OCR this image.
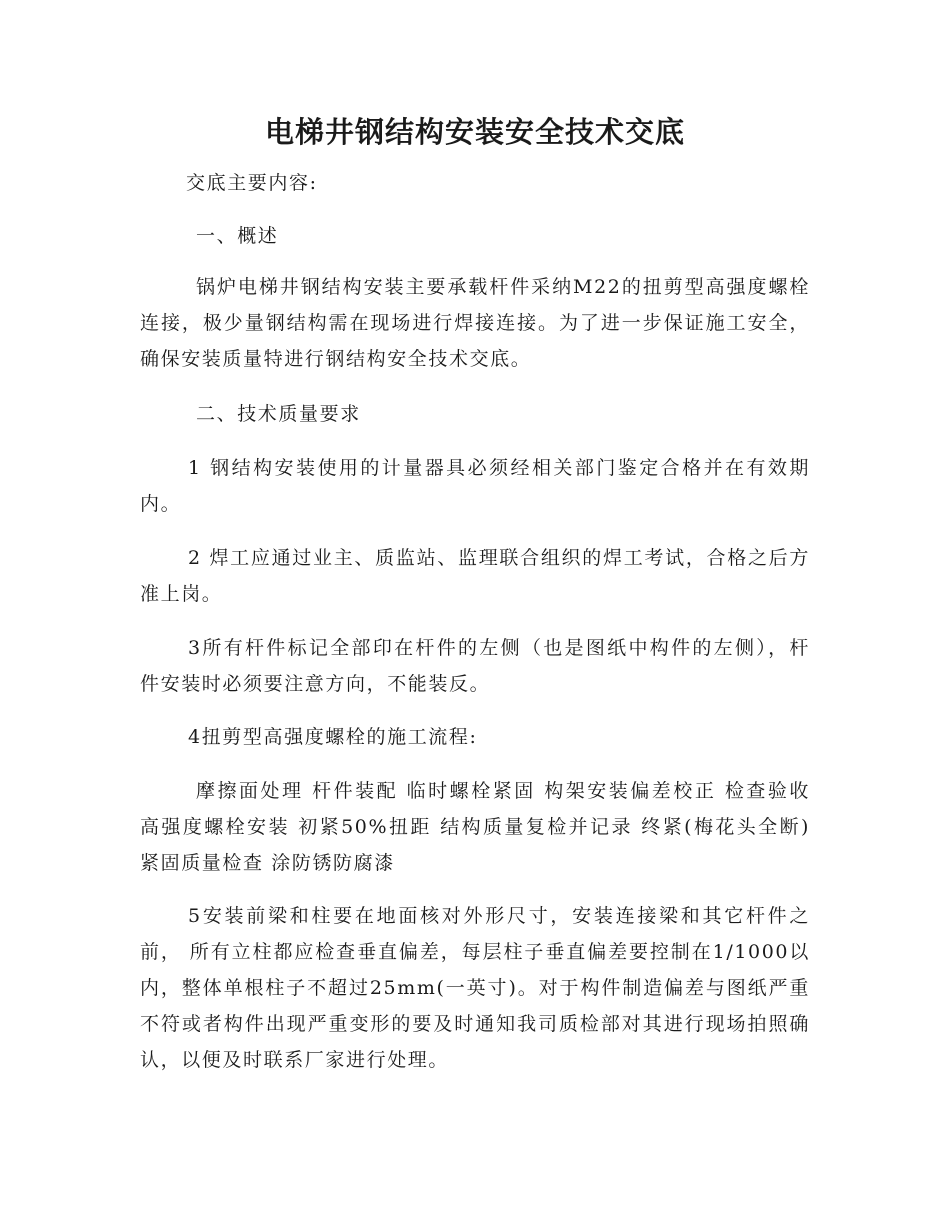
电梯井钢结构安装安全技术交底
交底主要内容:
一、概述
锅炉电梯井钢结构安装主要承载杆件采纳M22的扭剪型高强度螺栓连接，极少量钢结构需在现场进行焊接连接。为了进一步保证施工安全，确保安装质量特进行钢结构安全技术交底。
二、技术质量要求
1 钢结构安装使用的计量器具必须经相关部门鉴定合格并在有效期内。
2 焊工应通过业主、质监站、监理联合组织的焊工考试，合格之后方准上岗。
3所有杆件标记全部印在杆件的左侧（也是图纸中构件的左侧），杆件安装时必须要注意方向，不能装反。
4扭剪型高强度螺栓的施工流程:
摩擦面处理 杆件装配 临时螺栓紧固 构架安装偏差校正 检查验收 高强度螺栓安装 初紧50%扭距 结构质量复检并记录 终紧(梅花头全断) 紧固质量检查 涂防锈防腐漆
5安装前梁和柱要在地面核对外形尺寸，安装连接梁和其它杆件之前， 所有立柱都应检查垂直偏差，每层柱子垂直偏差要控制在1/1000以内，整体单根柱子不超过25mm(一英寸)。对于构件制造偏差与图纸严重不符或者构件出现严重变形的要及时通知我司质检部对其进行现场拍照确认，以便及时联系厂家进行处理。
